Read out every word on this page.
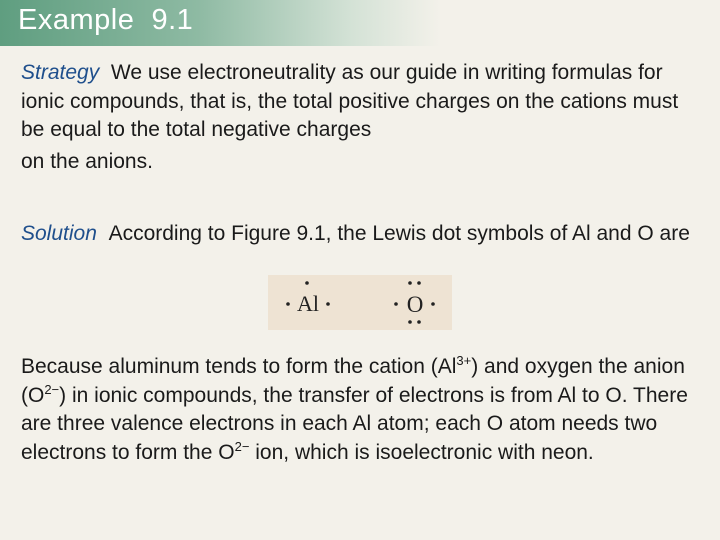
Example  9.1
Strategy We use electroneutrality as our guide in writing formulas for ionic compounds, that is, the total positive charges on the cations must be equal to the total negative charges
on the anions.
Solution According to Figure 9.1, the Lewis dot symbols of Al and O are
Al	O
Because aluminum tends to form the cation $(Al^{3+})$ and oxygen the anion $(O^{2-})$ in ionic compounds, the transfer of electrons is from Al to O. There are three valence electrons in each Al atom; each O atom needs two electrons to form the $O^{2-}$ ion, which is isoelectronic with neon.
